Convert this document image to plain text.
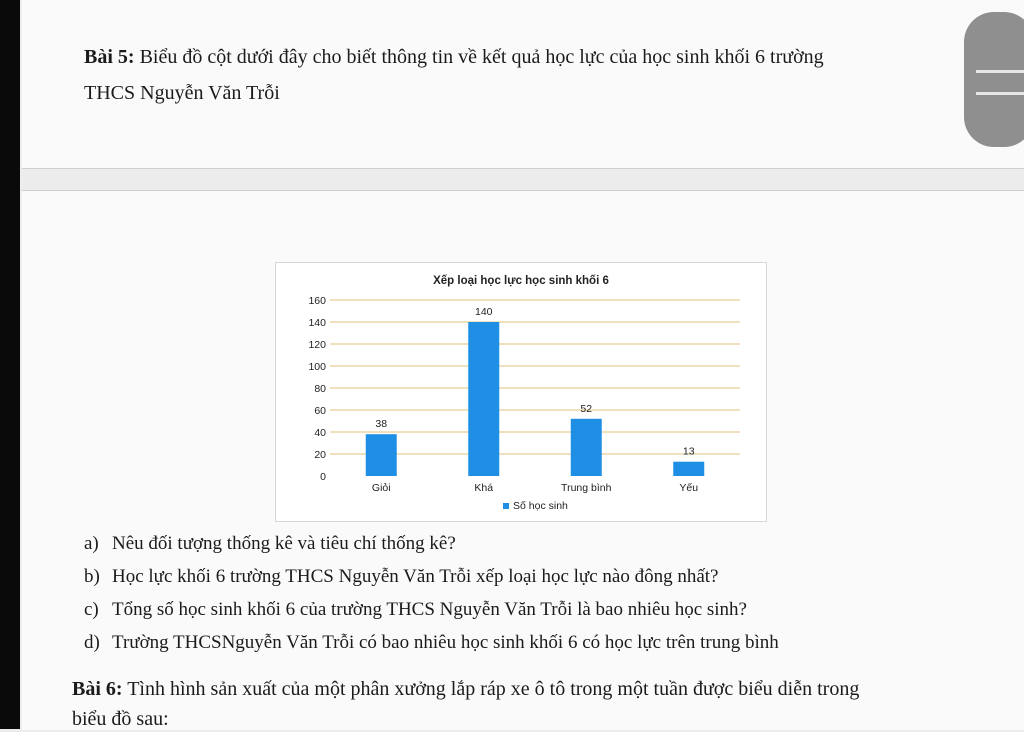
Bài 5: Biểu đồ cột dưới đây cho biết thông tin về kết quả học lực của học sinh khối 6 trường
THCS Nguyễn Văn Trỗi
Xếp loại học lực học sinh khối 6
0
20
40
60
80
100
120
140
160
38
140
52
13
Giỏi	Khá	Trung bình	Yếu
Số học sinh
a) Nêu đối tượng thống kê và tiêu chí thống kê?
b) Học lực khối 6 trường THCS Nguyễn Văn Trỗi xếp loại học lực nào đông nhất?
c) Tổng số học sinh khối 6 của trường THCS Nguyễn Văn Trỗi là bao nhiêu học sinh?
d) Trường THCSNguyễn Văn Trỗi có bao nhiêu học sinh khối 6 có học lực trên trung bình
Bài 6: Tình hình sản xuất của một phân xưởng lắp ráp xe ô tô trong một tuần được biểu diễn trong
biểu đồ sau:
